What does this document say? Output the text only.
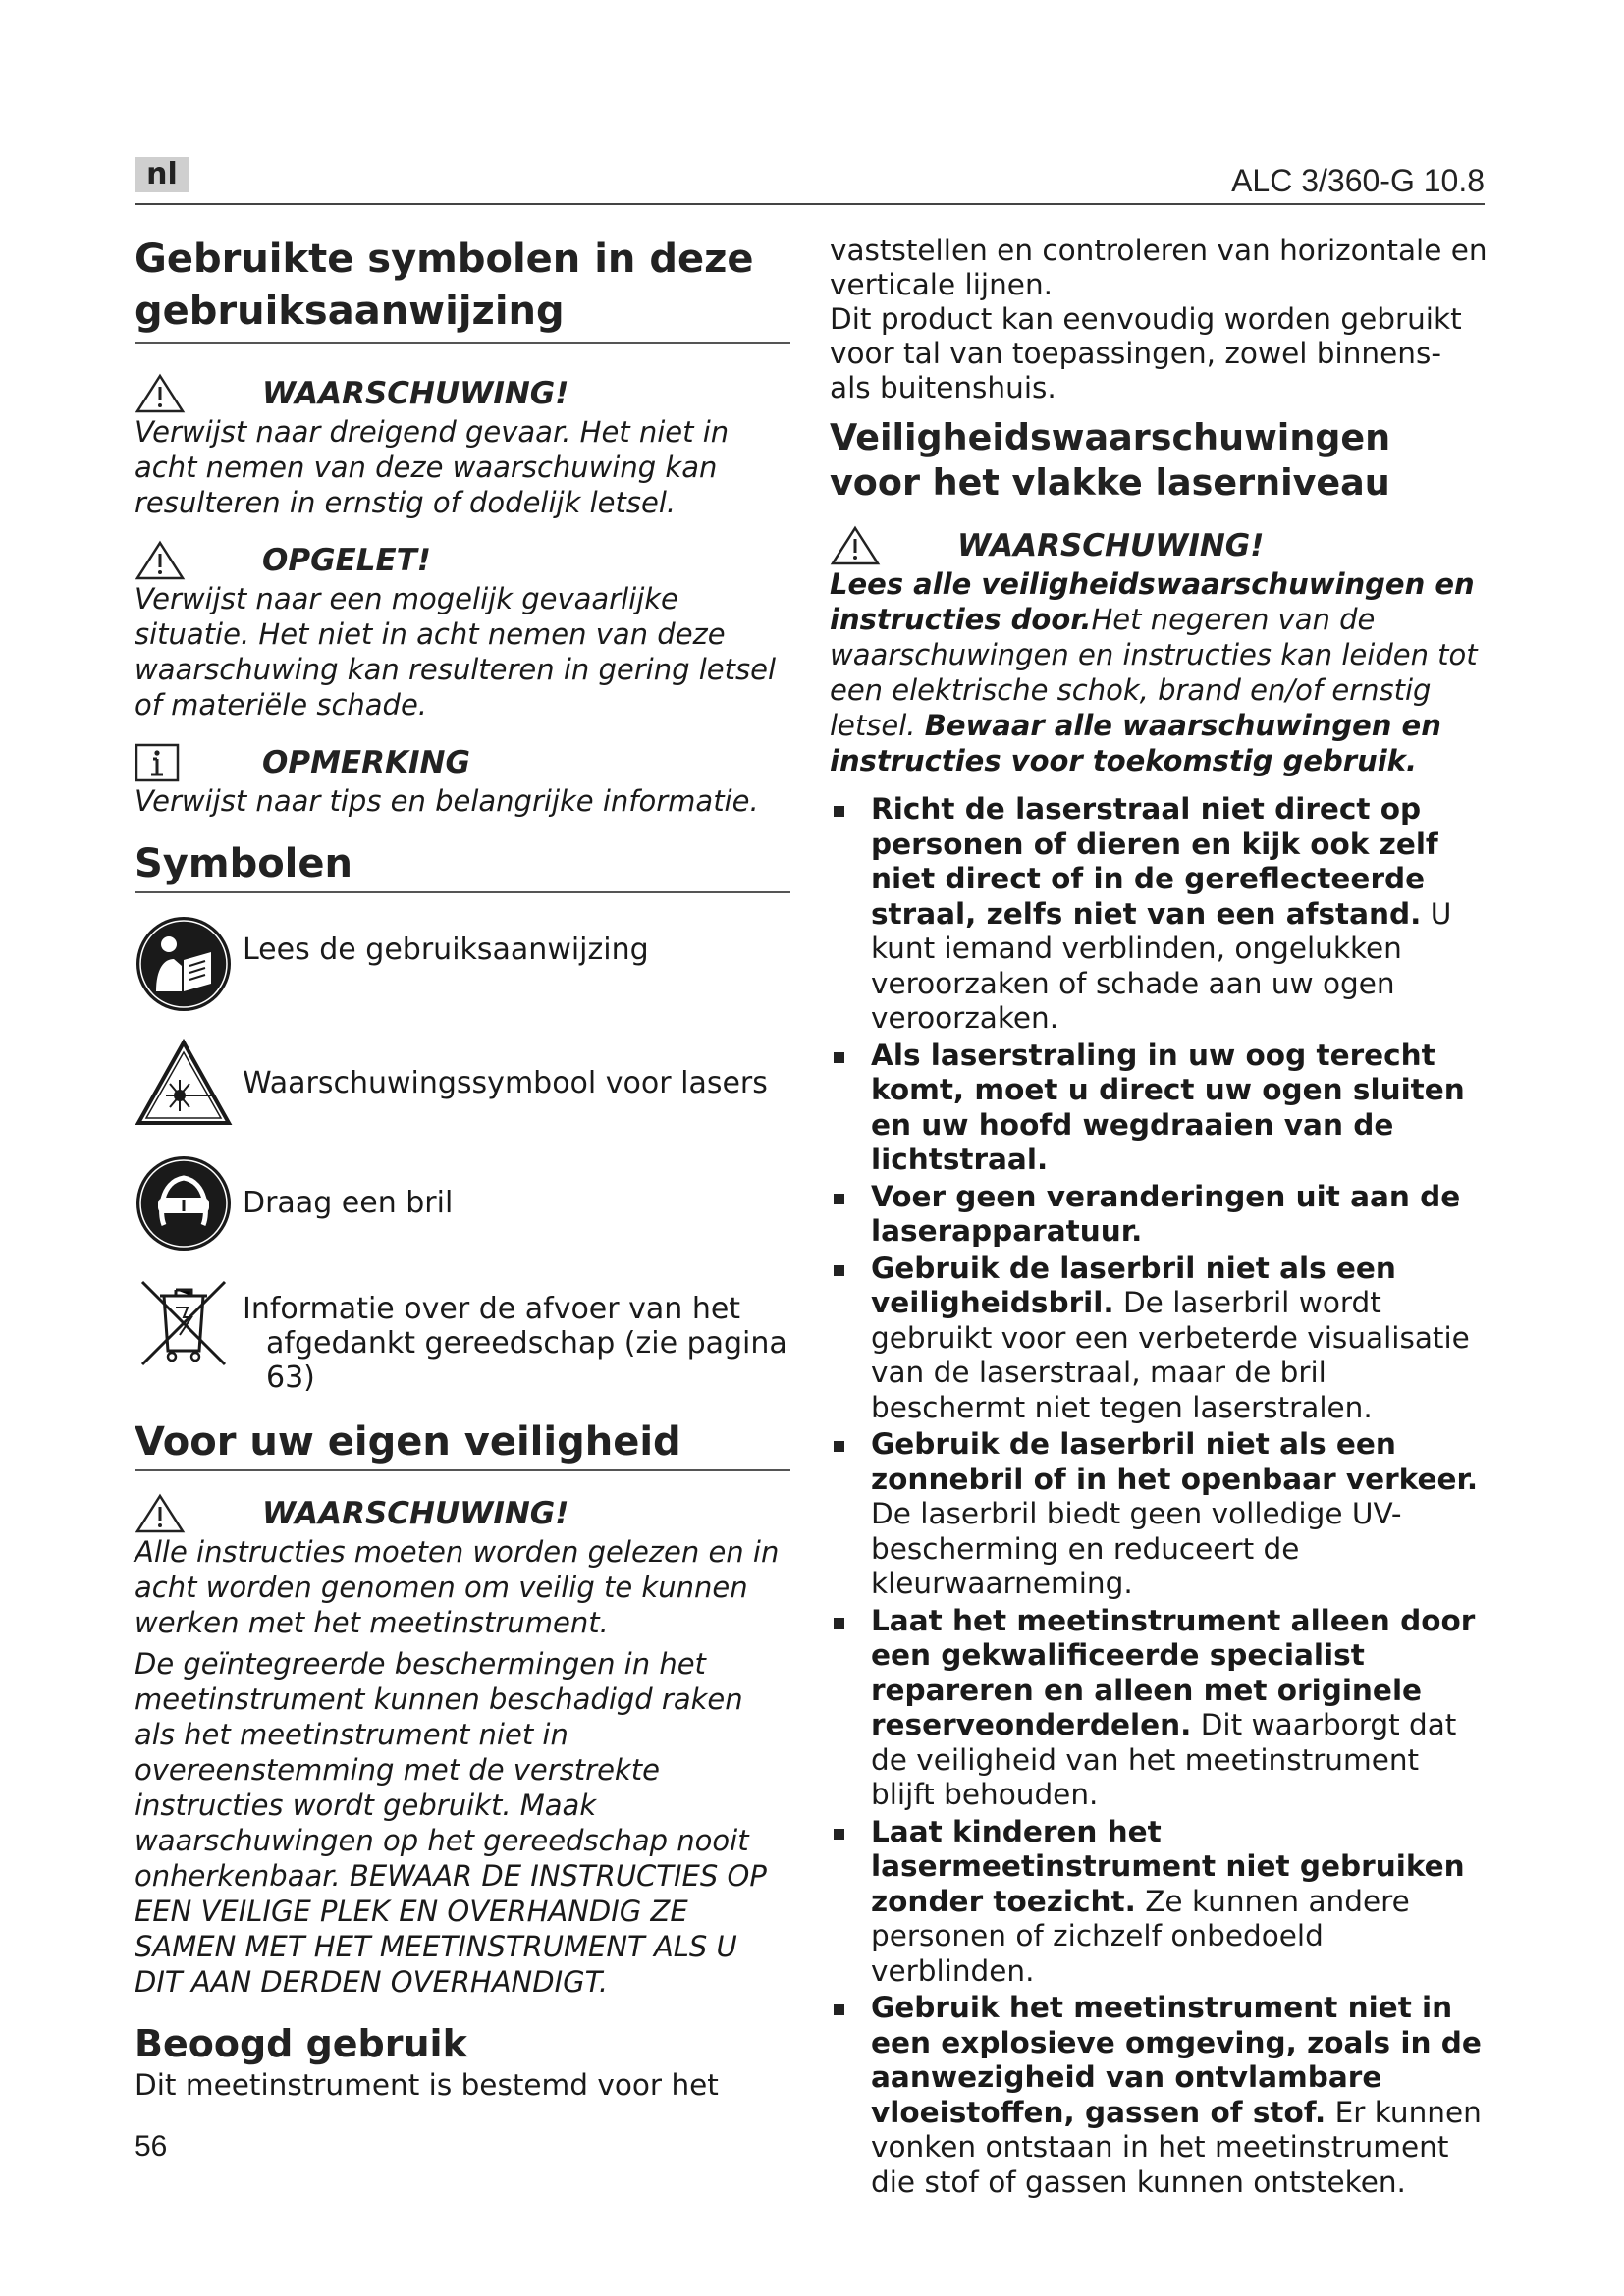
nl	ALC 3/360-G 10.8
Gebruikte symbolen in deze gebruiksaanwijzing
WAARSCHUWING!

Verwijst naar dreigend gevaar. Het niet in acht nemen van deze waarschuwing kan resulteren in ernstig of dodelijk letsel.

OPGELET!

Verwijst naar een mogelijk gevaarlijke situatie. Het niet in acht nemen van deze waarschuwing kan resulteren in gering letsel of materiële schade.

OPMERKING

Verwijst naar tips en belangrijke informatie.

Symbolen
Lees de gebruiksaanwijzing
Waarschuwingssymbool voor lasers
Draag een bril
Informatie over de afvoer van het
afgedankt gereedschap (zie pagina
63)
Voor uw eigen veiligheid
WAARSCHUWING!

Alle instructies moeten worden gelezen en in acht worden genomen om veilig te kunnen werken met het meetinstrument.

De geïntegreerde beschermingen in het meetinstrument kunnen beschadigd raken als het meetinstrument niet in overeenstemming met de verstrekte instructies wordt gebruikt. Maak waarschuwingen op het gereedschap nooit onherkenbaar. BEWAAR DE INSTRUCTIES OP EEN VEILIGE PLEK EN OVERHANDIG ZE SAMEN MET HET MEETINSTRUMENT ALS U DIT AAN DERDEN OVERHANDIGT.

Beoogd gebruik

Dit meetinstrument is bestemd voor het

vaststellen en controleren van horizontale en verticale lijnen.

Dit product kan eenvoudig worden gebruikt voor tal van toepassingen, zowel binnens- als buitenshuis.

Veiligheidswaarschuwingen voor het vlakke laserniveau
WAARSCHUWING!

Lees alle veiligheidswaarschuwingen en instructies door.Het negeren van de waarschuwingen en instructies kan leiden tot een elektrische schok, brand en/of ernstig letsel. Bewaar alle waarschuwingen en instructies voor toekomstig gebruik.

Richt de laserstraal niet direct op personen of dieren en kijk ook zelf niet direct of in de gereflecteerde straal, zelfs niet van een afstand. U kunt iemand verblinden, ongelukken veroorzaken of schade aan uw ogen veroorzaken.
Als laserstraling in uw oog terecht komt, moet u direct uw ogen sluiten en uw hoofd wegdraaien van de lichtstraal.
Voer geen veranderingen uit aan de laserapparatuur.
Gebruik de laserbril niet als een veiligheidsbril. De laserbril wordt gebruikt voor een verbeterde visualisatie van de laserstraal, maar de bril beschermt niet tegen laserstralen.
Gebruik de laserbril niet als een zonnebril of in het openbaar verkeer. De laserbril biedt geen volledige UV-bescherming en reduceert de kleurwaarneming.
Laat het meetinstrument alleen door een gekwalificeerde specialist repareren en alleen met originele reserveonderdelen. Dit waarborgt dat de veiligheid van het meetinstrument blijft behouden.
Laat kinderen het lasermeetinstrument niet gebruiken zonder toezicht. Ze kunnen andere personen of zichzelf onbedoeld verblinden.
Gebruik het meetinstrument niet in een explosieve omgeving, zoals in de aanwezigheid van ontvlambare vloeistoffen, gassen of stof. Er kunnen vonken ontstaan in het meetinstrument die stof of gassen kunnen ontsteken.
56
